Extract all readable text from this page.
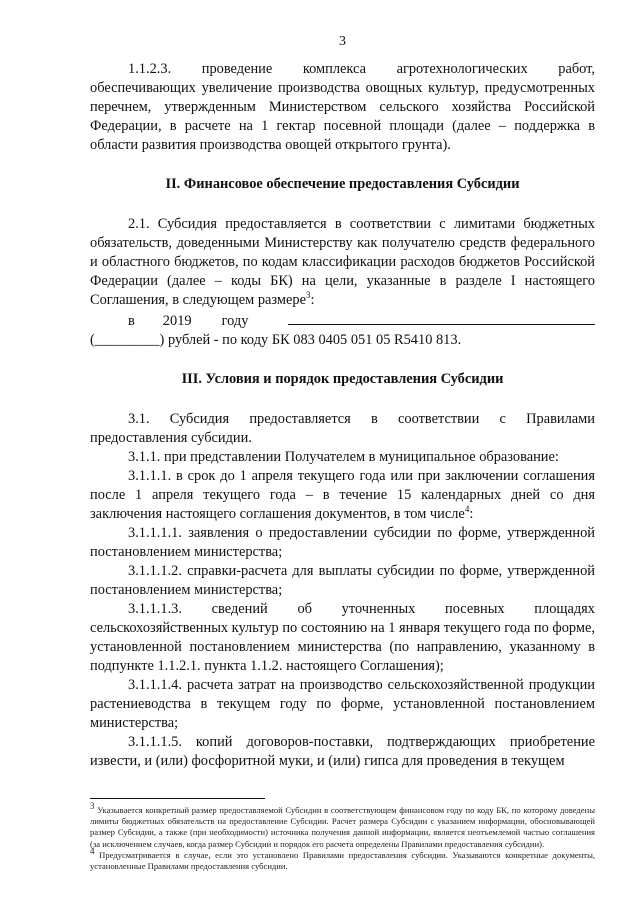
3

1.1.2.3. проведение комплекса агротехнологических работ, обеспечивающих увеличение производства овощных культур, предусмотренных перечнем, утвержденным Министерством сельского хозяйства Российской Федерации, в расчете на 1 гектар посевной площади (далее – поддержка в области развития производства овощей открытого грунта).

II. Финансовое обеспечение предоставления Субсидии

2.1. Субсидия предоставляется в соответствии с лимитами бюджетных обязательств, доведенными Министерству как получателю средств федерального и областного бюджетов, по кодам классификации расходов бюджетов Российской Федерации (далее – коды БК) на цели, указанные в разделе I настоящего Соглашения, в следующем размере$^3$:

в 2019 году

(_________) рублей - по коду БК 083 0405 051 05 R5410 813.

III. Условия и порядок предоставления Субсидии

3.1. Субсидия предоставляется в соответствии с Правилами предоставления субсидии.

3.1.1. при представлении Получателем в муниципальное образование:

3.1.1.1. в срок до 1 апреля текущего года или при заключении соглашения после 1 апреля текущего года – в течение 15 календарных дней со дня заключения настоящего соглашения документов, в том числе$^4$:

3.1.1.1.1. заявления о предоставлении субсидии по форме, утвержденной постановлением министерства;

3.1.1.1.2. справки-расчета для выплаты субсидии по форме, утвержденной постановлением министерства;

3.1.1.1.3. сведений об уточненных посевных площадях сельскохозяйственных культур по состоянию на 1 января текущего года по форме, установленной постановлением министерства (по направлению, указанному в подпункте 1.1.2.1. пункта 1.1.2. настоящего Соглашения);

3.1.1.1.4. расчета затрат на производство сельскохозяйственной продукции растениеводства в текущем году по форме, установленной постановлением министерства;

3.1.1.1.5. копий договоров-поставки, подтверждающих приобретение извести, и (или) фосфоритной муки, и (или) гипса для проведения в текущем

$^3$ Указывается конкретный размер предоставляемой Субсидии в соответствующем финансовом году по коду БК, по которому доведены лимиты бюджетных обязательств на предоставление Субсидии. Расчет размера Субсидии с указанием информации, обосновывающей размер Субсидии, а также (при необходимости) источника получения данной информации, является неотъемлемой частью соглашения (за исключением случаев, когда размер Субсидии и порядок его расчета определены Правилами предоставления субсидии).
$^4$ Предусматривается в случае, если это установлено Правилами предоставления субсидии. Указываются конкретные документы, установленные Правилами предоставления субсидии.
